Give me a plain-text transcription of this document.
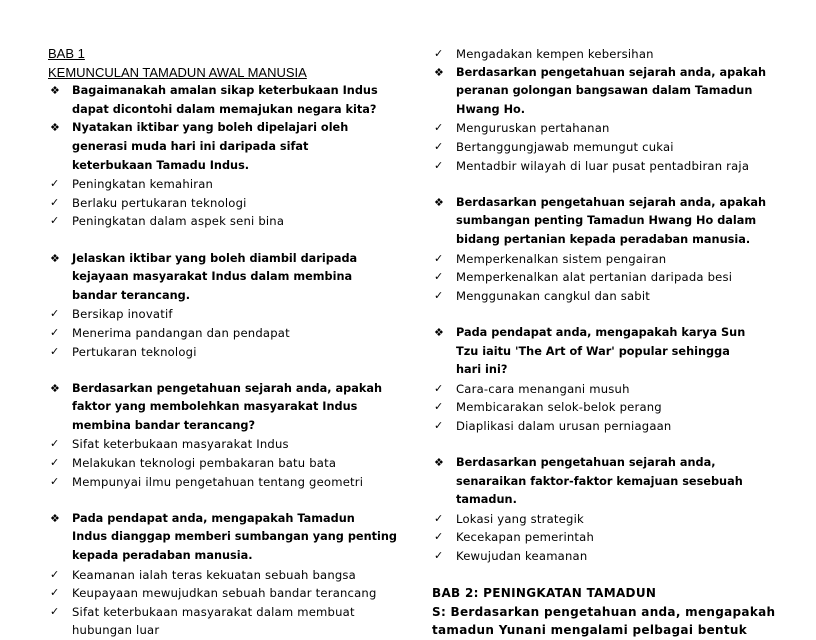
BAB 1
KEMUNCULAN TAMADUN AWAL MANUSIA
❖ Bagaimanakah amalan sikap keterbukaan Indus
dapat dicontohi dalam memajukan negara kita?
❖ Nyatakan iktibar yang boleh dipelajari oleh
generasi muda hari ini daripada sifat
keterbukaan Tamadu Indus.
✓ Peningkatan kemahiran
✓ Berlaku pertukaran teknologi
✓ Peningkatan dalam aspek seni bina
❖ Jelaskan iktibar yang boleh diambil daripada
kejayaan masyarakat Indus dalam membina
bandar terancang.
✓ Bersikap inovatif
✓ Menerima pandangan dan pendapat
✓ Pertukaran teknologi
❖ Berdasarkan pengetahuan sejarah anda, apakah
faktor yang membolehkan masyarakat Indus
membina bandar terancang?
✓ Sifat keterbukaan masyarakat Indus
✓ Melakukan teknologi pembakaran batu bata
✓ Mempunyai ilmu pengetahuan tentang geometri
❖ Pada pendapat anda, mengapakah Tamadun
Indus dianggap memberi sumbangan yang penting
kepada peradaban manusia.
✓ Keamanan ialah teras kekuatan sebuah bangsa
✓ Keupayaan mewujudkan sebuah bandar terancang
✓ Sifat keterbukaan masyarakat dalam membuat
hubungan luar
✓ Mengadakan kempen kebersihan
❖ Berdasarkan pengetahuan sejarah anda, apakah
peranan golongan bangsawan dalam Tamadun
Hwang Ho.
✓ Menguruskan pertahanan
✓ Bertanggungjawab memungut cukai
✓ Mentadbir wilayah di luar pusat pentadbiran raja
❖ Berdasarkan pengetahuan sejarah anda, apakah
sumbangan penting Tamadun Hwang Ho dalam
bidang pertanian kepada peradaban manusia.
✓ Memperkenalkan sistem pengairan
✓ Memperkenalkan alat pertanian daripada besi
✓ Menggunakan cangkul dan sabit
❖ Pada pendapat anda, mengapakah karya Sun
Tzu iaitu 'The Art of War' popular sehingga
hari ini?
✓ Cara-cara menangani musuh
✓ Membicarakan selok-belok perang
✓ Diaplikasi dalam urusan perniagaan
❖ Berdasarkan pengetahuan sejarah anda,
senaraikan faktor-faktor kemajuan sesebuah
tamadun.
✓ Lokasi yang strategik
✓ Kecekapan pemerintah
✓ Kewujudan keamanan
BAB 2: PENINGKATAN TAMADUN
S: Berdasarkan pengetahuan anda, mengapakah
tamadun Yunani mengalami pelbagai bentuk
